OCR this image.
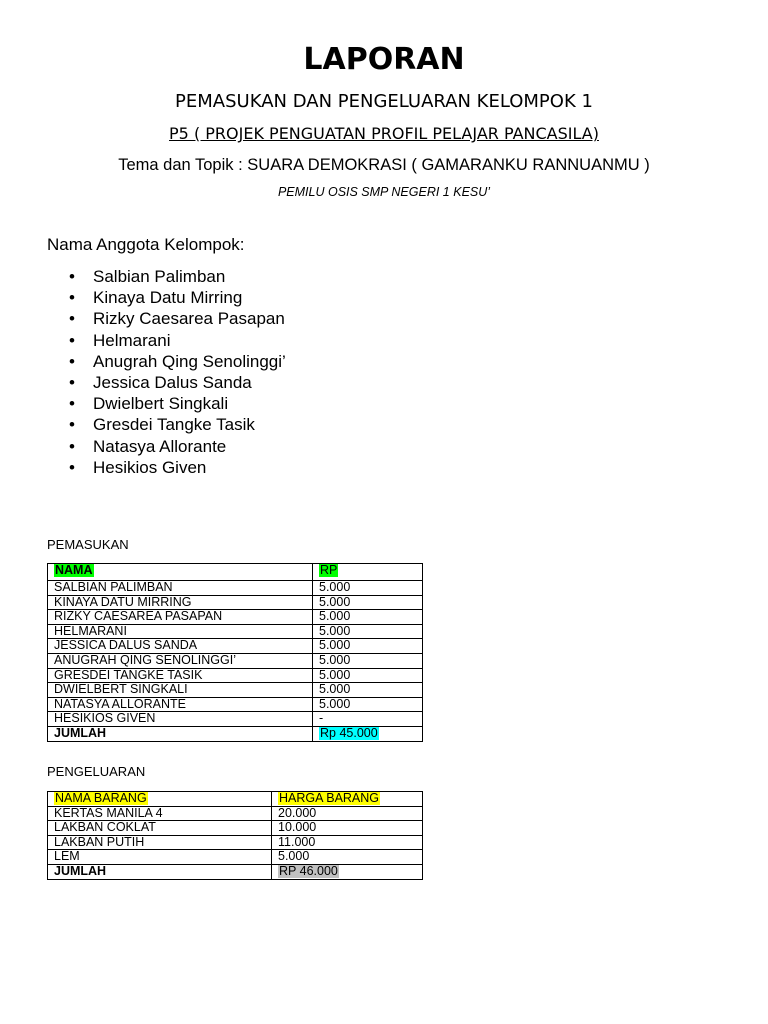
LAPORAN
PEMASUKAN DAN PENGELUARAN KELOMPOK 1
P5 ( PROJEK PENGUATAN PROFIL PELAJAR PANCASILA)
Tema dan Topik : SUARA DEMOKRASI ( GAMARANKU RANNUANMU )
PEMILU OSIS SMP NEGERI 1 KESU’
Nama Anggota Kelompok:
• Salbian Palimban
• Kinaya Datu Mirring
• Rizky Caesarea Pasapan
• Helmarani
• Anugrah Qing Senolinggi’
• Jessica Dalus Sanda
• Dwielbert Singkali
• Gresdei Tangke Tasik
• Natasya Allorante
• Hesikios Given
PEMASUKAN
NAMA	RP
SALBIAN PALIMBAN	5.000
KINAYA DATU MIRRING	5.000
RIZKY CAESAREA PASAPAN	5.000
HELMARANI	5.000
JESSICA DALUS SANDA	5.000
ANUGRAH QING SENOLINGGI’	5.000
GRESDEI TANGKE TASIK	5.000
DWIELBERT SINGKALI	5.000
NATASYA ALLORANTE	5.000
HESIKIOS GIVEN	-
JUMLAH	Rp 45.000
PENGELUARAN
NAMA BARANG	HARGA BARANG
KERTAS MANILA 4	20.000
LAKBAN COKLAT	10.000
LAKBAN PUTIH	11.000
LEM	5.000
JUMLAH	RP 46.000
